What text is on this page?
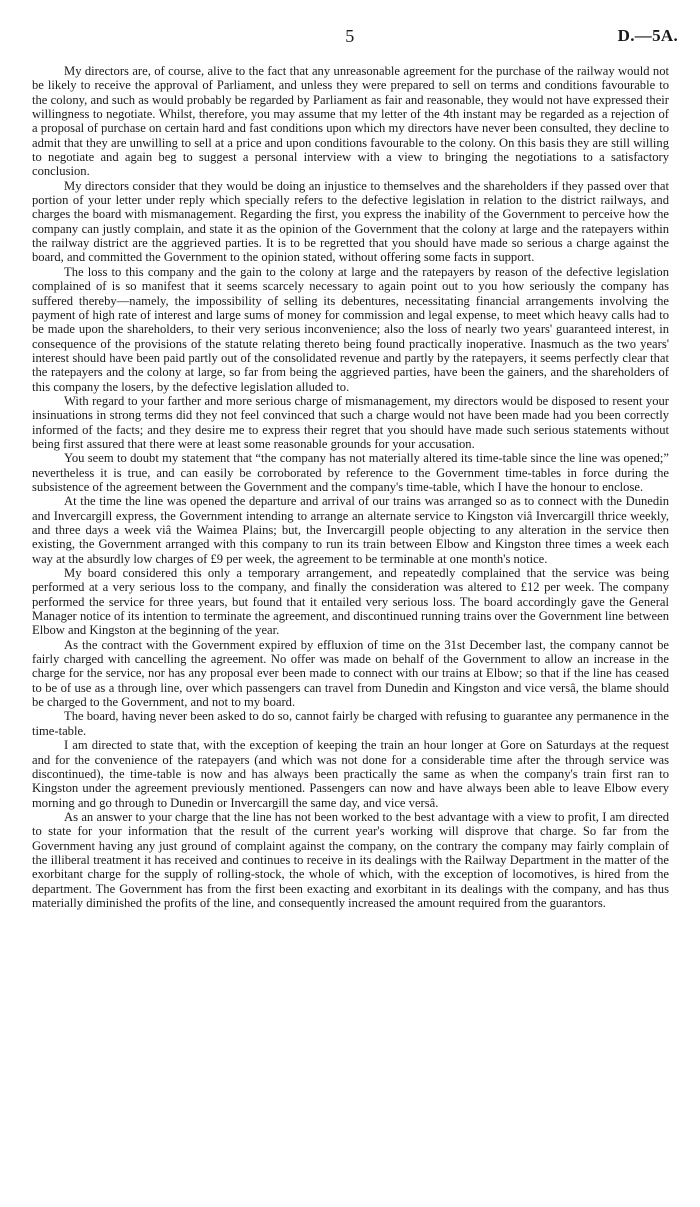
5	D.—5A.

My directors are, of course, alive to the fact that any unreasonable agreement for the purchase of the railway would not be likely to receive the approval of Parliament, and unless they were prepared to sell on terms and conditions favourable to the colony, and such as would probably be regarded by Parliament as fair and reasonable, they would not have expressed their willingness to negotiate. Whilst, therefore, you may assume that my letter of the 4th instant may be regarded as a rejection of a proposal of purchase on certain hard and fast conditions upon which my directors have never been consulted, they decline to admit that they are unwilling to sell at a price and upon conditions favourable to the colony. On this basis they are still willing to negotiate and again beg to suggest a personal interview with a view to bringing the negotiations to a satisfactory conclusion.

My directors consider that they would be doing an injustice to themselves and the shareholders if they passed over that portion of your letter under reply which specially refers to the defective legislation in relation to the district railways, and charges the board with mismanagement. Regarding the first, you express the inability of the Government to perceive how the company can justly complain, and state it as the opinion of the Government that the colony at large and the ratepayers within the railway district are the aggrieved parties. It is to be regretted that you should have made so serious a charge against the board, and committed the Government to the opinion stated, without offering some facts in support.

The loss to this company and the gain to the colony at large and the ratepayers by reason of the defective legislation complained of is so manifest that it seems scarcely necessary to again point out to you how seriously the company has suffered thereby—namely, the impossibility of selling its debentures, necessitating financial arrangements involving the payment of high rate of interest and large sums of money for commission and legal expense, to meet which heavy calls had to be made upon the shareholders, to their very serious inconvenience; also the loss of nearly two years' guaranteed interest, in consequence of the provisions of the statute relating thereto being found practically inoperative. Inasmuch as the two years' interest should have been paid partly out of the consolidated revenue and partly by the ratepayers, it seems perfectly clear that the ratepayers and the colony at large, so far from being the aggrieved parties, have been the gainers, and the shareholders of this company the losers, by the defective legislation alluded to.

With regard to your farther and more serious charge of mismanagement, my directors would be disposed to resent your insinuations in strong terms did they not feel convinced that such a charge would not have been made had you been correctly informed of the facts; and they desire me to express their regret that you should have made such serious statements without being first assured that there were at least some reasonable grounds for your accusation.

You seem to doubt my statement that “the company has not materially altered its time-table since the line was opened;” nevertheless it is true, and can easily be corroborated by reference to the Government time-tables in force during the subsistence of the agreement between the Government and the company's time-table, which I have the honour to enclose.

At the time the line was opened the departure and arrival of our trains was arranged so as to connect with the Dunedin and Invercargill express, the Government intending to arrange an alternate service to Kingston viâ Invercargill thrice weekly, and three days a week viâ the Waimea Plains; but, the Invercargill people objecting to any alteration in the service then existing, the Government arranged with this company to run its train between Elbow and Kingston three times a week each way at the absurdly low charges of £9 per week, the agreement to be terminable at one month's notice.

My board considered this only a temporary arrangement, and repeatedly complained that the service was being performed at a very serious loss to the company, and finally the consideration was altered to £12 per week. The company performed the service for three years, but found that it entailed very serious loss. The board accordingly gave the General Manager notice of its intention to terminate the agreement, and discontinued running trains over the Government line between Elbow and Kingston at the beginning of the year.

As the contract with the Government expired by effluxion of time on the 31st December last, the company cannot be fairly charged with cancelling the agreement. No offer was made on behalf of the Government to allow an increase in the charge for the service, nor has any proposal ever been made to connect with our trains at Elbow; so that if the line has ceased to be of use as a through line, over which passengers can travel from Dunedin and Kingston and vice versâ, the blame should be charged to the Government, and not to my board.

The board, having never been asked to do so, cannot fairly be charged with refusing to guarantee any permanence in the time-table.

I am directed to state that, with the exception of keeping the train an hour longer at Gore on Saturdays at the request and for the convenience of the ratepayers (and which was not done for a considerable time after the through service was discontinued), the time-table is now and has always been practically the same as when the company's train first ran to Kingston under the agreement previously mentioned. Passengers can now and have always been able to leave Elbow every morning and go through to Dunedin or Invercargill the same day, and vice versâ.

As an answer to your charge that the line has not been worked to the best advantage with a view to profit, I am directed to state for your information that the result of the current year's working will disprove that charge. So far from the Government having any just ground of complaint against the company, on the contrary the company may fairly complain of the illiberal treatment it has received and continues to receive in its dealings with the Railway Department in the matter of the exorbitant charge for the supply of rolling-stock, the whole of which, with the exception of locomotives, is hired from the department. The Government has from the first been exacting and exorbitant in its dealings with the company, and has thus materially diminished the profits of the line, and consequently increased the amount required from the guarantors.
